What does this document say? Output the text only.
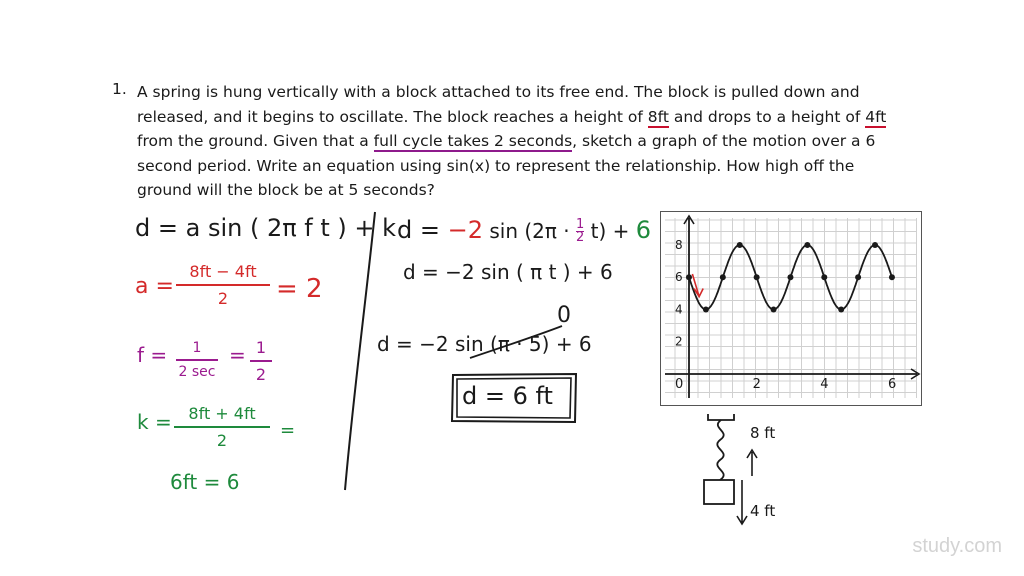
1. A spring is hung vertically with a block attached to its free end. The block is pulled down and
released, and it begins to oscillate. The block reaches a height of 8ft and drops to a height of 4ft
from the ground. Given that a full cycle takes 2 seconds, sketch a graph of the motion over a 6
second period. Write an equation using sin(x) to represent the relationship. How high off the
ground will the block be at 5 seconds?
d = a sin ( 2π f t ) + k
a =
8ft − 4ft
2	= 2
f =	1
2 sec
= 1
2
k =	8ft + 4ft
2	=
6ft = 6
d = −2 $\sin (2\pi \cdot \frac{1}{2} t) + 6$
d = −2 sin ( π t ) + 6
0
d = −2 sin (π · 5) + 6
d = 6 ft	0	2	4	6
2
4
6
8
8 ft
4 ft
study.com
